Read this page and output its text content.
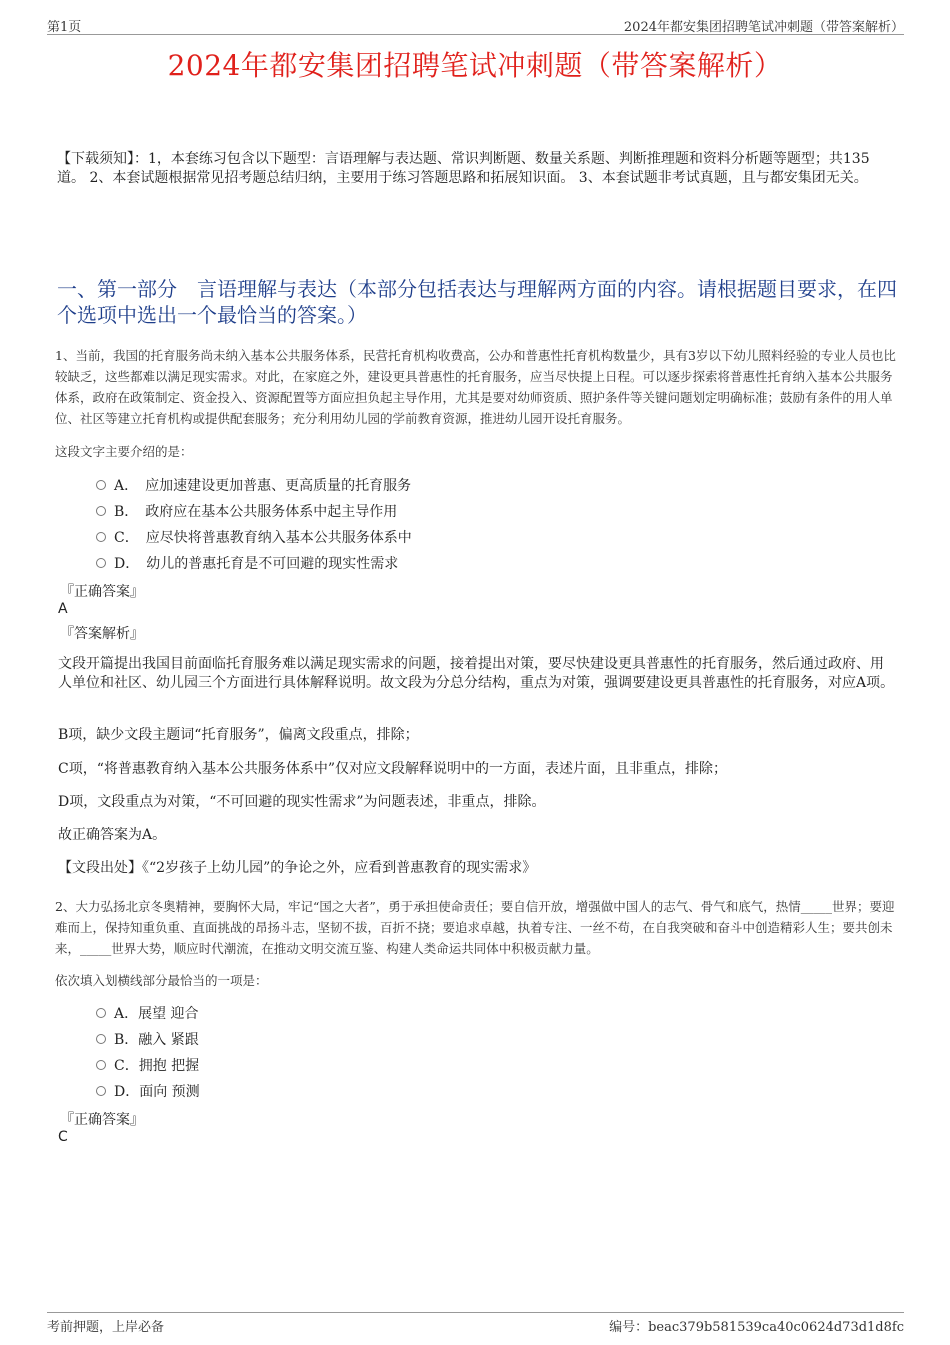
第1页	2024年都安集团招聘笔试冲刺题（带答案解析）
2024年都安集团招聘笔试冲刺题（带答案解析）
【下载须知】：1，本套练习包含以下题型：言语理解与表达题、常识判断题、数量关系题、判断推理题和资料分析题等题型；共135道。 2、本套试题根据常见招考题总结归纳，主要用于练习答题思路和拓展知识面。 3、本套试题非考试真题，且与都安集团无关。
一、第一部分　言语理解与表达（本部分包括表达与理解两方面的内容。请根据题目要求，在四个选项中选出一个最恰当的答案。）
1、当前，我国的托育服务尚未纳入基本公共服务体系，民营托育机构收费高，公办和普惠性托育机构数量少，具有3岁以下幼儿照料经验的专业人员也比较缺乏，这些都难以满足现实需求。对此，在家庭之外，建设更具普惠性的托育服务，应当尽快提上日程。可以逐步探索将普惠性托育纳入基本公共服务体系，政府在政策制定、资金投入、资源配置等方面应担负起主导作用，尤其是要对幼师资质、照护条件等关键问题划定明确标准；鼓励有条件的用人单位、社区等建立托育机构或提供配套服务；充分利用幼儿园的学前教育资源，推进幼儿园开设托育服务。
这段文字主要介绍的是：
A．　应加速建设更加普惠、更高质量的托育服务
B．　政府应在基本公共服务体系中起主导作用
C．　应尽快将普惠教育纳入基本公共服务体系中
D．　幼儿的普惠托育是不可回避的现实性需求
『正确答案』
A
『答案解析』
文段开篇提出我国目前面临托育服务难以满足现实需求的问题，接着提出对策，要尽快建设更具普惠性的托育服务，然后通过政府、用人单位和社区、幼儿园三个方面进行具体解释说明。故文段为分总分结构，重点为对策，强调要建设更具普惠性的托育服务，对应A项。
B项，缺少文段主题词“托育服务”，偏离文段重点，排除；
C项，“将普惠教育纳入基本公共服务体系中”仅对应文段解释说明中的一方面，表述片面，且非重点，排除；
D项，文段重点为对策，“不可回避的现实性需求”为问题表述，非重点，排除。
故正确答案为A。
【文段出处】《“2岁孩子上幼儿园”的争论之外，应看到普惠教育的现实需求》
2、大力弘扬北京冬奥精神，要胸怀大局，牢记“国之大者”，勇于承担使命责任；要自信开放，增强做中国人的志气、骨气和底气，热情_____世界；要迎难而上，保持知重负重、直面挑战的昂扬斗志，坚韧不拔，百折不挠；要追求卓越，执着专注、一丝不苟，在自我突破和奋斗中创造精彩人生；要共创未来，_____世界大势，顺应时代潮流，在推动文明交流互鉴、构建人类命运共同体中积极贡献力量。
依次填入划横线部分最恰当的一项是：
A．展望 迎合
B．融入 紧跟
C．拥抱 把握
D．面向 预测
『正确答案』
C
考前押题，上岸必备	编号：beac379b581539ca40c0624d73d1d8fc
